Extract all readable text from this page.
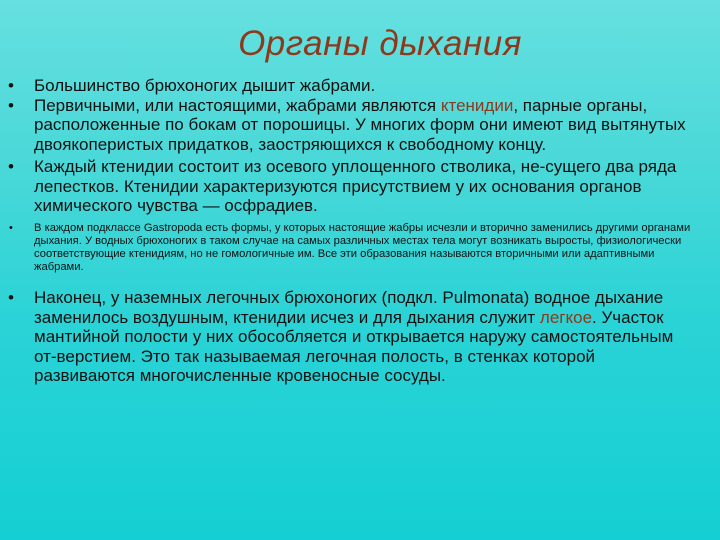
Органы дыхания
• Большинство брюхоногих дышит жабрами.
• Первичными, или настоящими, жабрами являются ктенидии, парные органы, расположенные по бокам от порошицы. У многих форм они имеют вид вытянутых двоякоперистых придатков, заостряющихся к свободному концу.
• Каждый ктенидии состоит из осевого уплощенного стволика, не-сущего два ряда лепестков. Ктенидии характеризуются присутствием у их основания органов химического чувства — осфрадиев.
• В каждом подклассе Gastropoda есть формы, у которых настоящие жабры исчезли и вторично заменились другими органами дыхания. У водных брюхоногих в таком случае на самых различных местах тела могут возникать выросты, физиологически соответствующие ктенидиям, но не гомологичные им. Все эти образования называются вторичными или адаптивными жабрами.
• Наконец, у наземных легочных брюхоногих (подкл. Pulmonata) водное дыхание заменилось воздушным, ктенидии исчез и для дыхания служит легкое. Участок мантийной полости у них обособляется и открывается наружу самостоятельным от-верстием. Это так называемая легочная полость, в стенках которой развиваются многочисленные кровеносные сосуды.
